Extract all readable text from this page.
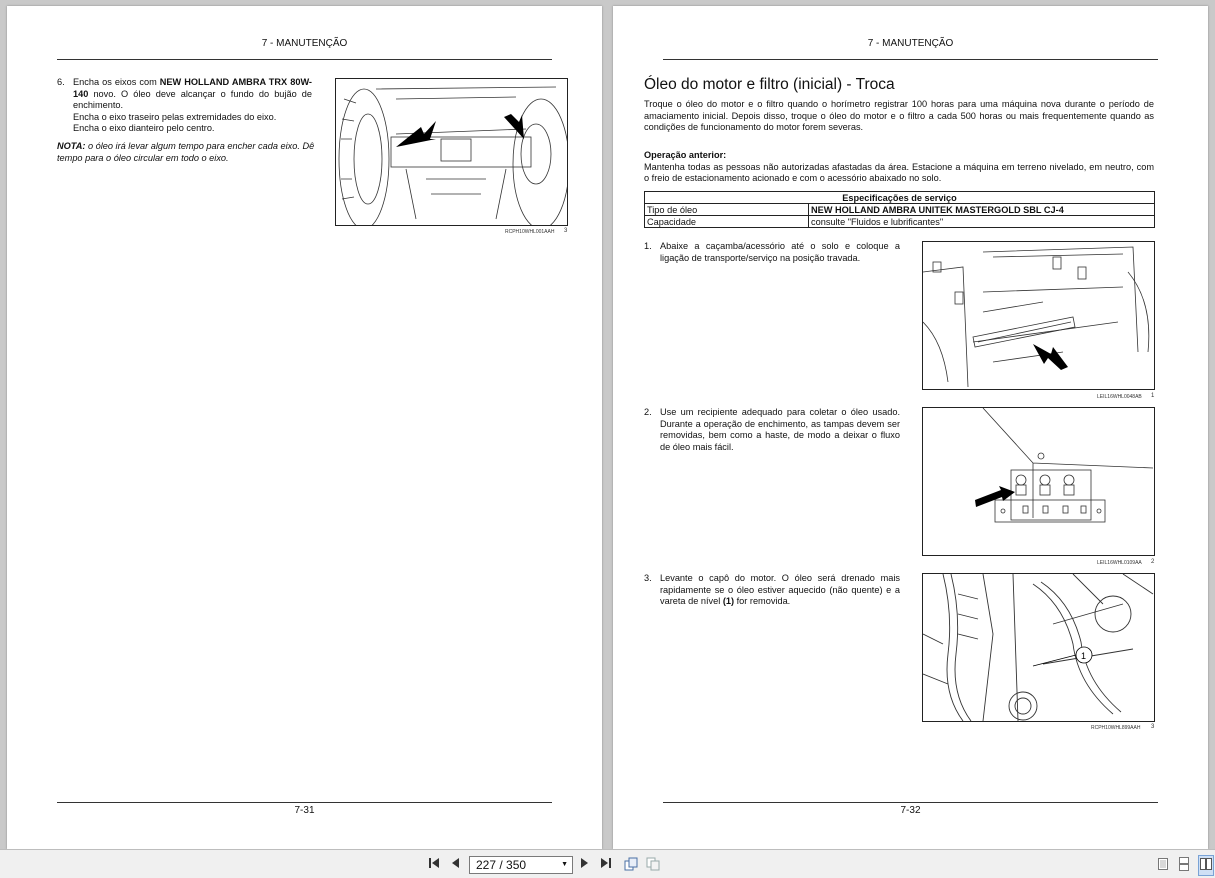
7 - MANUTENÇÃO
6. Encha os eixos com NEW HOLLAND AMBRA TRX 80W-140 novo. O óleo deve alcançar o fundo do bujão de enchimento.
Encha o eixo traseiro pelas extremidades do eixo.
Encha o eixo dianteiro pelo centro.
NOTA: o óleo irá levar algum tempo para encher cada eixo. Dê tempo para o óleo circular em todo o eixo.
RCPH10WHL001AAH 3
7-31
7 - MANUTENÇÃO
Óleo do motor e filtro (inicial) - Troca
Troque o óleo do motor e o filtro quando o horímetro registrar 100 horas para uma máquina nova durante o período de amaciamento inicial. Depois disso, troque o óleo do motor e o filtro a cada 500 horas ou mais frequentemente quando as condições de funcionamento do motor forem severas.
Operação anterior:
Mantenha todas as pessoas não autorizadas afastadas da área. Estacione a máquina em terreno nivelado, em neutro, com o freio de estacionamento acionado e com o acessório abaixado no solo.
Especificações de serviço	
Tipo de óleo	NEW HOLLAND AMBRA UNITEK MASTERGOLD SBL CJ-4
Capacidade	consulte "Fluidos e lubrificantes"
1. Abaixe a caçamba/acessório até o solo e coloque a ligação de transporte/serviço na posição travada.
LEIL16WHL0048AB 1
2. Use um recipiente adequado para coletar o óleo usado. Durante a operação de enchimento, as tampas devem ser removidas, bem como a haste, de modo a deixar o fluxo de óleo mais fácil.
LEIL16WHL0109AA 2
3. Levante o capô do motor. O óleo será drenado mais rapidamente se o óleo estiver aquecido (não quente) e a vareta de nível (1) for removida.
1
RCPH10WHL899AAH 3
7-32
227 / 350	▼
